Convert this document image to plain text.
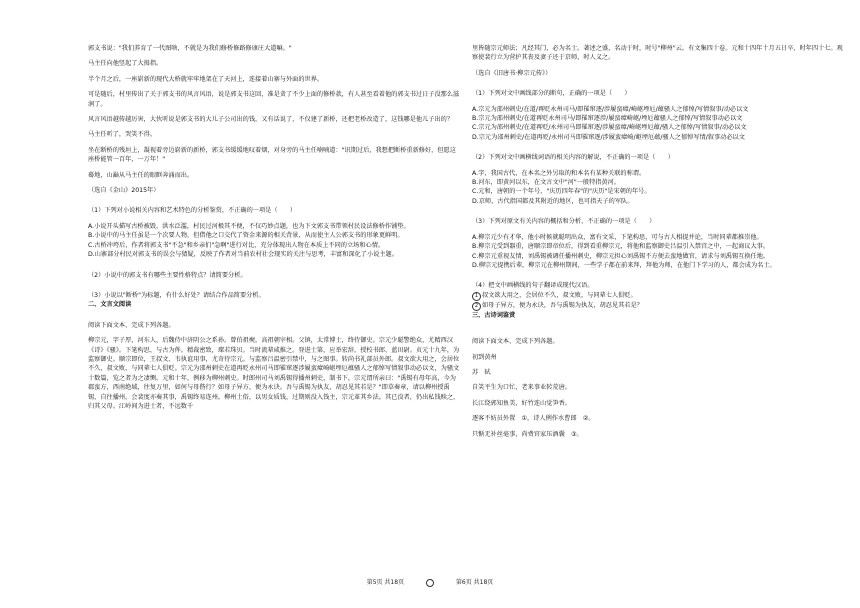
郭支书说："我们养育了一代图啥，不就是为我们修桥修路修康庄大道嘛。"

马主任向他竖起了大拇指。

半个月之后，一座崭新的现代大桥就牢牢地架在了天河上，连接着山寨与外面的世界。

可是随后，村里传出了关于郭支书的风言风语，说是郭支书这回，准是贪了不少上面的修桥款，有人甚至看着他的郭支书过日子没那么滋润了。

风言风语越传越厉害，大伙听说是郭支书的大儿子公司出的钱，又有话说了，不仅建了新桥，还把老桥改造了，这钱哪是他儿子出的？

马主任听了，哭笑不得。

坐在断桥的残垣上，凝视着旁边崭新的新桥，郭支书缓缓地叹着烟，对身旁的马主任喃喃道："讯期过后，我想把断桥重新修好，但愿这座桥能管一百年，一万年！"

蓦地，山巅从马主任的眼眶奔涌而出。

（选自《金山》2015年）

（1）下列对小说相关内容和艺术特色的分析鉴赏，不正确的一项是（　　）

A.小说开头描写古桥被毁，洪水泛滥，村民过河极其不便，不仅巧妙点题，也为下文郭支书带领村民设法修桥作铺垫。

B.小说中的马主任虽是一个次要人物，但借他之口交代了资金来源的相关背景，从而使主人公郭支书的形象更鲜明。

C.古桥冲垮后，作者将郭支书"不急"和乡亲们"急啊"进行对比，充分体现出人物在本质上不同的立场和心情。

D.山寨部分村民对郭支书的误会与猜疑，反映了作者对当前农村社会现实的关注与思考，丰富和深化了小说主题。

（2）小说中的郭支书有哪些主要性格特点？请简要分析。

（3）小说以"断桥"为标题，有什么好处？请结合作品简要分析。

二、文言文阅读

阅读下面文本，完成下列各题。

柳宗元，字子厚，河东人，后魏侍中济阴公之系孙。曾伯祖奭，高祖朝宰相。父镇，太常博士，终侍御史。宗元少聪警绝众，尤精西汉《诗》《骚》。下笔构思，与古为侔。精裁密致，璨若珠贝。当时流辈咸推之。登进士第，应举宏辞，授校书郎、蓝田尉。贞元十九年，为监察御史。顺宗即位，王叔文、韦执谊用事，尤奇待宗元。与监察吕温密引禁中，与之图事。转尚书礼部员外郎。叔文欲大用之，会居位不久，叔文败，与同辈七人俱贬。宗元为邵州刺史在道再贬永州司马即罹窜逐涉履蛮瘴崎岖堙厄蕴骚人之郁悼写情叙事动必以文，为骚文十数篇，览之者为之凄恻。元和十年，例移为柳州刺史。时郎州司马刘禹锡得播州刺史，制书下，宗元谓所亲曰："禹锡有母年高，今为郡蛮方，西南绝域，往复万里，如何与母偕行？如母子异方，便为永诀。吾与禹锡为执友，胡忍见其若是？"即草奏章，请以柳州授禹锡，自往播州。会裴度亦奏其事，禹锡终易连州。柳州土俗，以男女质钱，过期则没入钱主，宗元革其乡法。其已没者，仍出私钱赎之，归其父母。江岭间为进士者，不远数千

里皆随宗元师法；凡经其门，必为名士。著述之盛，名动于时，时号"柳州"云。有文集四十卷。元和十四年十月五日卒，时年四十七。观察使裴行立为营护其丧及妻子还于京师，时人义之。

（选自《旧唐书·柳宗元传》）

（1）下列对文中画线部分的断句，正确的一项是（　　）

A.宗元为邵州刺史/在道/再贬永州司马/即罹窜逐/涉履蛮瘴/崎岖堙厄/蕴骚人之郁悼/写情叙事/动必以文

B.宗元为邵州刺史/在道再贬永州司马/即罹窜逐涉/履蛮瘴崎岖/堙厄蕴骚人之郁悼/写情叙事动必以文

C.宗元为邵州刺史/在道再贬/永州司马即罹窜逐/涉履蛮瘴/崎岖堙厄蕴/骚人之郁悼/写情叙事/动必以文

D.宗元为邵州刺史/在道再贬/永州司马即罹窜逐/涉履蛮瘴崎/岖堙厄蕴/骚人之郁悼写情/叙事动必以文

（2）下列对文中画横线词语的相关内容的解说，不正确的一项是（　　）

A.字，我国古代，在本名之外另取的和本名有某种关联的称谓。

B.河东，即黄河以东，在文言文中"河"一般特指黄河。

C.元和，唐朝的一个年号，"庆历四年春"的"庆历"是宋朝的年号。

D.京师，古代指国都及其附近的地区，也可指天子的军队。

（3）下列对原文有关内容的概括和分析，不正确的一项是（　　）

A.柳宗元少有才华，他小时候就聪明出众，富有文采，下笔构思，可与古人相提并论，当时同辈都推崇他。

B.柳宗元受到器重，唐顺宗即帝位后，得到看重柳宗元，将他和监察御史吕温引入禁宫之中，一起商议大事。

C.柳宗元重视友情，刘禹锡被调任播州刺史，柳宗元担心刘禹锡不方便去蛮地做官，请求与刘禹锡互换任地。

D.柳宗元提携后辈，柳宗元在柳州期间，一些学子都在前来拜，拜他为师，在他门下学习的人，都会成为名士。

（4）把文中画横线的句子翻译成现代汉语。

1 叔文欲大用之，会居位不久，叔文败，与同辈七人俱贬。

2 如母子异方，便为永诀，吾与禹锡为执友，胡忍见其若是？

三、古诗词鉴赏

阅读下面文本，完成下列各题。

初到黄州

苏　轼

自笑平生为口忙，老来事业转荒唐。

长江绕郭知鱼美，好竹连山觉笋香。

逐客不妨员外置　①，诗人例作水曹郎　②。

只惭无补丝毫事，尚费官家压酒囊　③。

第5页 共18页	第6页 共18页
